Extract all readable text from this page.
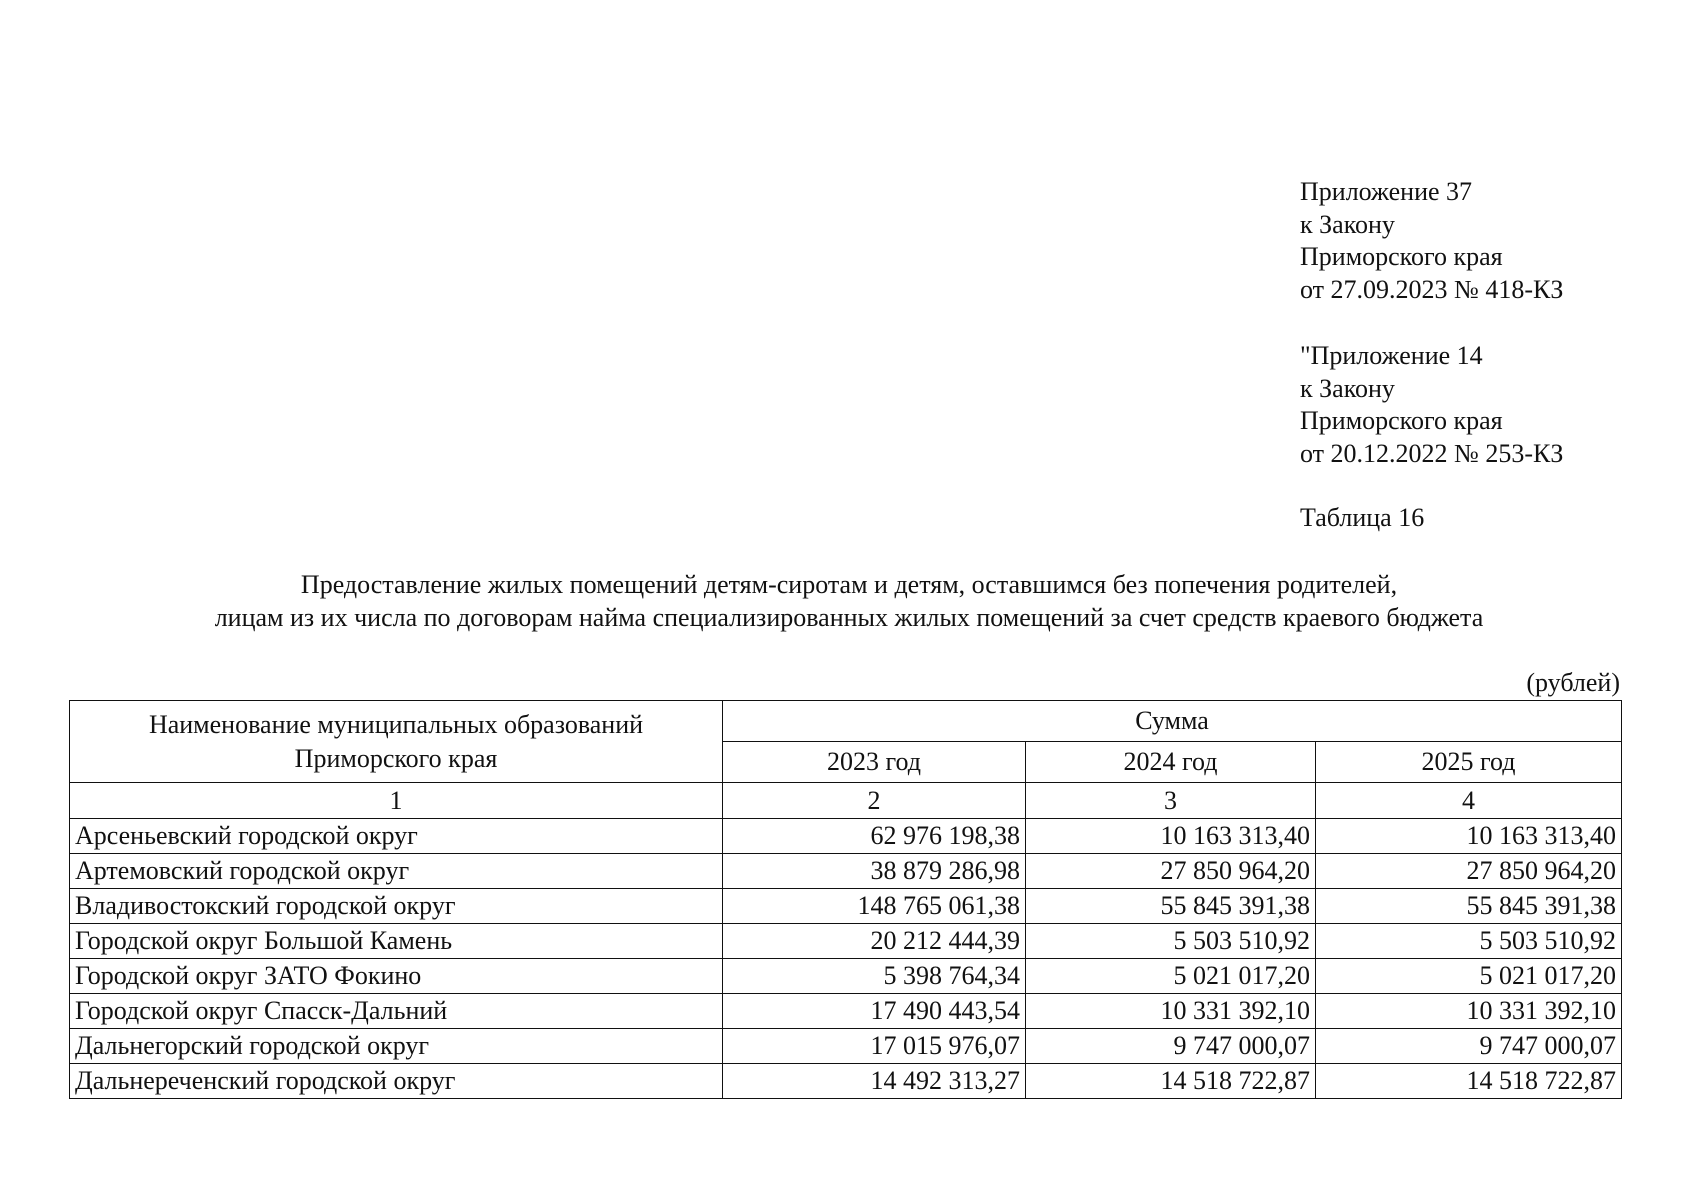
Приложение 37
к Закону
Приморского края
от 27.09.2023 № 418-КЗ
"Приложение 14
к Закону
Приморского края
от 20.12.2022 № 253-КЗ
Таблица 16
Предоставление жилых помещений детям-сиротам и детям, оставшимся без попечения родителей,
лицам из их числа по договорам найма специализированных жилых помещений за счет средств краевого бюджета
(рублей)
Наименование муниципальных образований Приморского края	Сумма		
	2023 год	2024 год	2025 год
1	2	3	4
Арсеньевский городской округ	62 976 198,38	10 163 313,40	10 163 313,40
Артемовский городской округ	38 879 286,98	27 850 964,20	27 850 964,20
Владивостокский городской округ	148 765 061,38	55 845 391,38	55 845 391,38
Городской округ Большой Камень	20 212 444,39	5 503 510,92	5 503 510,92
Городской округ ЗАТО Фокино	5 398 764,34	5 021 017,20	5 021 017,20
Городской округ Спасск-Дальний	17 490 443,54	10 331 392,10	10 331 392,10
Дальнегорский городской округ	17 015 976,07	9 747 000,07	9 747 000,07
Дальнереченский городской округ	14 492 313,27	14 518 722,87	14 518 722,87
